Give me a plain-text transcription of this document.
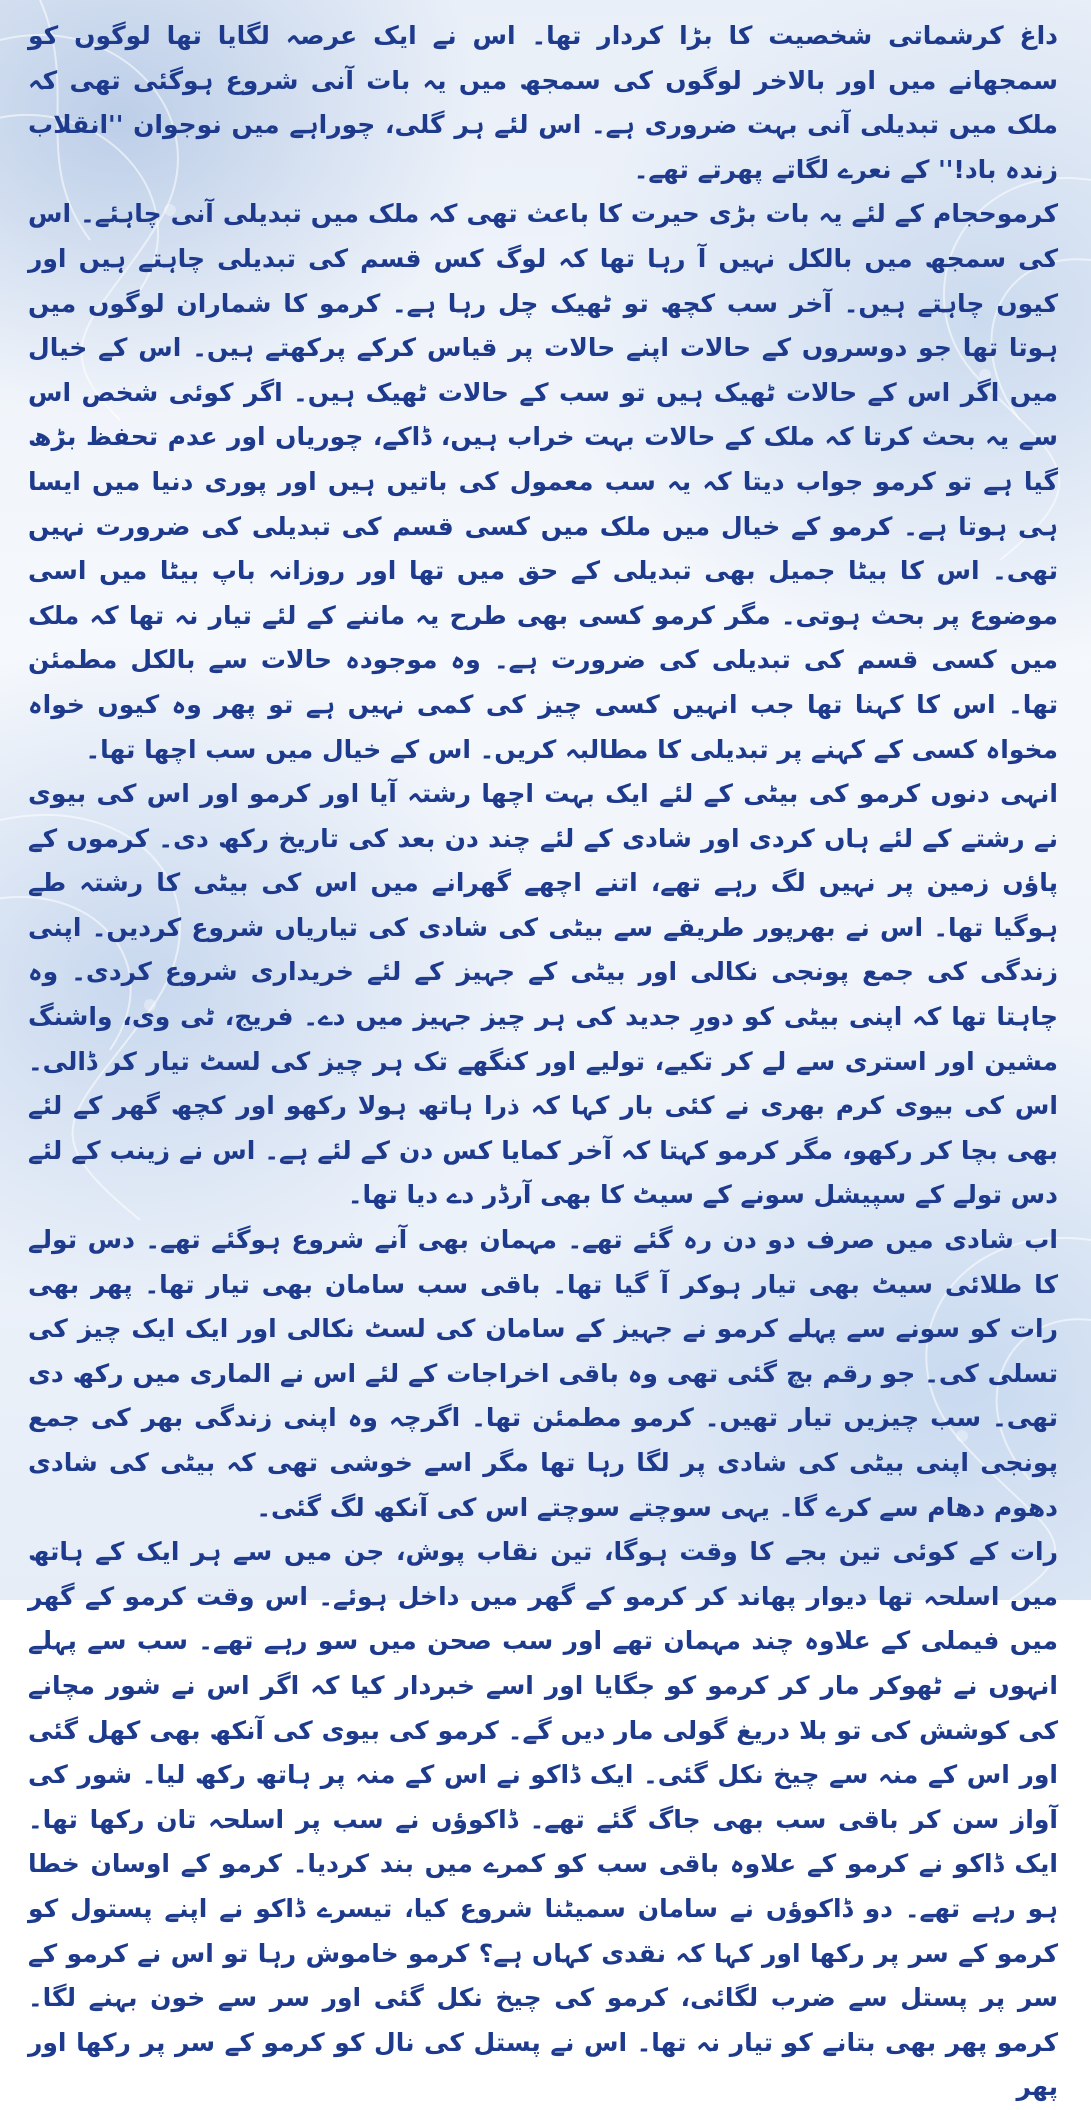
داغ کرشماتی شخصیت کا بڑا کردار تھا۔ اس نے ایک عرصہ لگایا تھا لوگوں کو سمجھانے میں اور بالاخر لوگوں کی سمجھ میں یہ بات آنی شروع ہوگئی تھی کہ ملک میں تبدیلی آنی بہت ضروری ہے۔ اس لئے ہر گلی، چوراہے میں نوجوان ''انقلاب زندہ باد!'' کے نعرے لگاتے پھرتے تھے۔

کرموحجام کے لئے یہ بات بڑی حیرت کا باعث تھی کہ ملک میں تبدیلی آنی چاہئے۔ اس کی سمجھ میں بالکل نہیں آ رہا تھا کہ لوگ کس قسم کی تبدیلی چاہتے ہیں اور کیوں چاہتے ہیں۔ آخر سب کچھ تو ٹھیک چل رہا ہے۔ کرمو کا شماران لوگوں میں ہوتا تھا جو دوسروں کے حالات اپنے حالات پر قیاس کرکے پرکھتے ہیں۔ اس کے خیال میں اگر اس کے حالات ٹھیک ہیں تو سب کے حالات ٹھیک ہیں۔ اگر کوئی شخص اس سے یہ بحث کرتا کہ ملک کے حالات بہت خراب ہیں، ڈاکے، چوریاں اور عدم تحفظ بڑھ گیا ہے تو کرمو جواب دیتا کہ یہ سب معمول کی باتیں ہیں اور پوری دنیا میں ایسا ہی ہوتا ہے۔ کرمو کے خیال میں ملک میں کسی قسم کی تبدیلی کی ضرورت نہیں تھی۔ اس کا بیٹا جمیل بھی تبدیلی کے حق میں تھا اور روزانہ باپ بیٹا میں اسی موضوع پر بحث ہوتی۔ مگر کرمو کسی بھی طرح یہ ماننے کے لئے تیار نہ تھا کہ ملک میں کسی قسم کی تبدیلی کی ضرورت ہے۔ وہ موجودہ حالات سے بالکل مطمئن تھا۔ اس کا کہنا تھا جب انہیں کسی چیز کی کمی نہیں ہے تو پھر وہ کیوں خواہ مخواہ کسی کے کہنے پر تبدیلی کا مطالبہ کریں۔ اس کے خیال میں سب اچھا تھا۔

انہی دنوں کرمو کی بیٹی کے لئے ایک بہت اچھا رشتہ آیا اور کرمو اور اس کی بیوی نے رشتے کے لئے ہاں کردی اور شادی کے لئے چند دن بعد کی تاریخ رکھ دی۔ کرموں کے پاؤں زمین پر نہیں لگ رہے تھے، اتنے اچھے گھرانے میں اس کی بیٹی کا رشتہ طے ہوگیا تھا۔ اس نے بھرپور طریقے سے بیٹی کی شادی کی تیاریاں شروع کردیں۔ اپنی زندگی کی جمع پونجی نکالی اور بیٹی کے جہیز کے لئے خریداری شروع کردی۔ وہ چاہتا تھا کہ اپنی بیٹی کو دورِ جدید کی ہر چیز جہیز میں دے۔ فریج، ٹی وی، واشنگ مشین اور استری سے لے کر تکیے، تولیے اور کنگھے تک ہر چیز کی لسٹ تیار کر ڈالی۔ اس کی بیوی کرم بھری نے کئی بار کہا کہ ذرا ہاتھ ہولا رکھو اور کچھ گھر کے لئے بھی بچا کر رکھو، مگر کرمو کہتا کہ آخر کمایا کس دن کے لئے ہے۔ اس نے زینب کے لئے دس تولے کے سپیشل سونے کے سیٹ کا بھی آرڈر دے دیا تھا۔

اب شادی میں صرف دو دن رہ گئے تھے۔ مہمان بھی آنے شروع ہوگئے تھے۔ دس تولے کا طلائی سیٹ بھی تیار ہوکر آ گیا تھا۔ باقی سب سامان بھی تیار تھا۔ پھر بھی رات کو سونے سے پہلے کرمو نے جہیز کے سامان کی لسٹ نکالی اور ایک ایک چیز کی تسلی کی۔ جو رقم بچ گئی تھی وہ باقی اخراجات کے لئے اس نے الماری میں رکھ دی تھی۔ سب چیزیں تیار تھیں۔ کرمو مطمئن تھا۔ اگرچہ وہ اپنی زندگی بھر کی جمع پونجی اپنی بیٹی کی شادی پر لگا رہا تھا مگر اسے خوشی تھی کہ بیٹی کی شادی دھوم دھام سے کرے گا۔ یہی سوچتے سوچتے اس کی آنکھ لگ گئی۔

رات کے کوئی تین بجے کا وقت ہوگا، تین نقاب پوش، جن میں سے ہر ایک کے ہاتھ میں اسلحہ تھا دیوار پھاند کر کرمو کے گھر میں داخل ہوئے۔ اس وقت کرمو کے گھر میں فیملی کے علاوہ چند مہمان تھے اور سب صحن میں سو رہے تھے۔ سب سے پہلے انہوں نے ٹھوکر مار کر کرمو کو جگایا اور اسے خبردار کیا کہ اگر اس نے شور مچانے کی کوشش کی تو بلا دریغ گولی مار دیں گے۔ کرمو کی بیوی کی آنکھ بھی کھل گئی اور اس کے منہ سے چیخ نکل گئی۔ ایک ڈاکو نے اس کے منہ پر ہاتھ رکھ لیا۔ شور کی آواز سن کر باقی سب بھی جاگ گئے تھے۔ ڈاکوؤں نے سب پر اسلحہ تان رکھا تھا۔ ایک ڈاکو نے کرمو کے علاوہ باقی سب کو کمرے میں بند کردیا۔ کرمو کے اوسان خطا ہو رہے تھے۔ دو ڈاکوؤں نے سامان سمیٹنا شروع کیا، تیسرے ڈاکو نے اپنے پستول کو کرمو کے سر پر رکھا اور کہا کہ نقدی کہاں ہے؟ کرمو خاموش رہا تو اس نے کرمو کے سر پر پستل سے ضرب لگائی، کرمو کی چیخ نکل گئی اور سر سے خون بہنے لگا۔ کرمو پھر بھی بتانے کو تیار نہ تھا۔ اس نے پستل کی نال کو کرمو کے سر پر رکھا اور پھر
